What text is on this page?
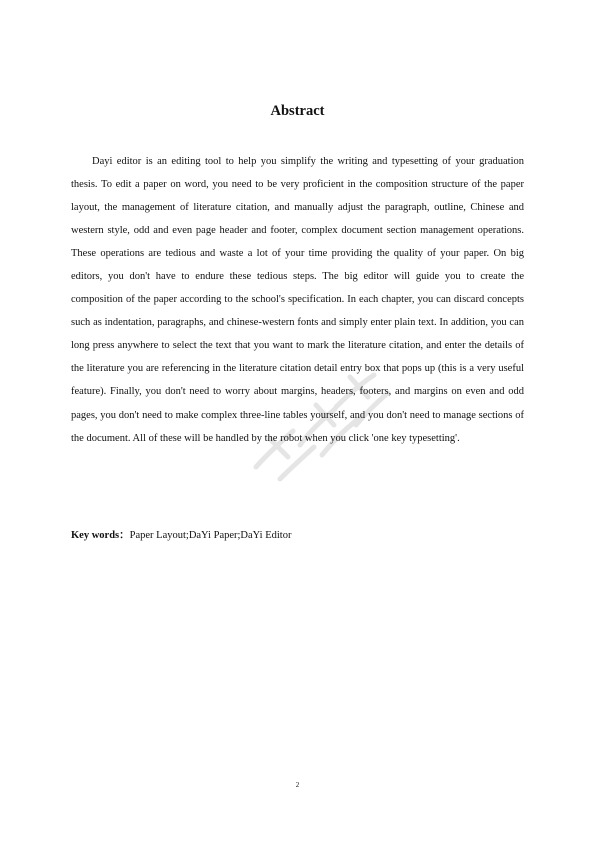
Abstract

Dayi editor is an editing tool to help you simplify the writing and typesetting of your graduation thesis. To edit a paper on word, you need to be very proficient in the composition structure of the paper layout, the management of literature citation, and manually adjust the paragraph, outline, Chinese and western style, odd and even page header and footer, complex document section management operations. These operations are tedious and waste a lot of your time providing the quality of your paper. On big editors, you don't have to endure these tedious steps. The big editor will guide you to create the composition of the paper according to the school's specification. In each chapter, you can discard concepts such as indentation, paragraphs, and chinese-western fonts and simply enter plain text. In addition, you can long press anywhere to select the text that you want to mark the literature citation, and enter the details of the literature you are referencing in the literature citation detail entry box that pops up (this is a very useful feature). Finally, you don't need to worry about margins, headers, footers, and margins on even and odd pages, you don't need to make complex three-line tables yourself, and you don't need to manage sections of the document. All of these will be handled by the robot when you click 'one key typesetting'.

Key words：Paper Layout;DaYi Paper;DaYi Editor
2
